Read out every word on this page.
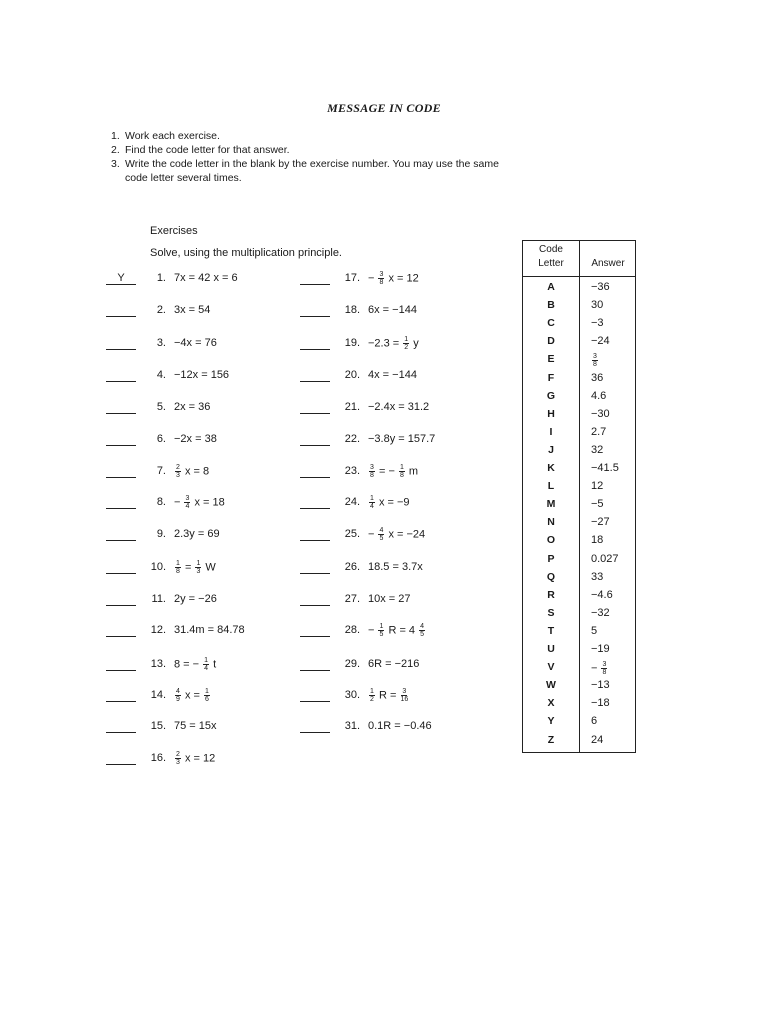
MESSAGE IN CODE
1. Work each exercise.
2. Find the code letter for that answer.
3. Write the code letter in the blank by the exercise number. You may use the same
code letter several times.
Exercises
Solve, using the multiplication principle.
Y	1. 7x = 42 x = 6
2. 3x = 54
3. −4x = 76
4. −12x = 156
5. 2x = 36
6. −2x = 38
7. $\frac{2}{3}$ x = 8
8. − $\frac{3}{4}$ x = 18
9. 2.3y = 69
10. $\frac{1}{8} = \frac{1}{3}$ W
11. 2y = −26
12. 31.4m = 84.78
13. 8 = − $\frac{1}{4}$ t
14. $\frac{4}{9}$ $x = \frac{1}{6}$
15. 75 = 15x
16. $\frac{2}{3}$ x = 12
17. − $\frac{3}{8}$ x = 12
18. 6x = −144
19. $-2.3 = \frac{1}{2}$ y
20. 4x = −144
21. −2.4x = 31.2
22. −3.8y = 157.7
23. $\frac{3}{8}$ = − $\frac{1}{8}$ m
24. $\frac{1}{4}$ x = −9
25. − $\frac{4}{5}$ x = −24
26. 18.5 = 3.7x
27. 10x = 27
28. − $\frac{1}{5}$ $R = 4 \frac{4}{5}$
29. 6R = −216
30. $\frac{1}{2}$ $R = \frac{3}{16}$
31. 0.1R = −0.46
Code
Letter	Answer
A	−36
B	30
C	−3
D	−24
E	$\frac{3}{8}$
F	36
G	4.6
H	−30
I	2.7
J	32
K	−41.5
L	12
M	−5
N	−27
O	18
P	0.027
Q	33
R	−4.6
S	−32
T	5
U	−19
V	− $\frac{3}{8}$
W	−13
X	−18
Y	6
Z	24
